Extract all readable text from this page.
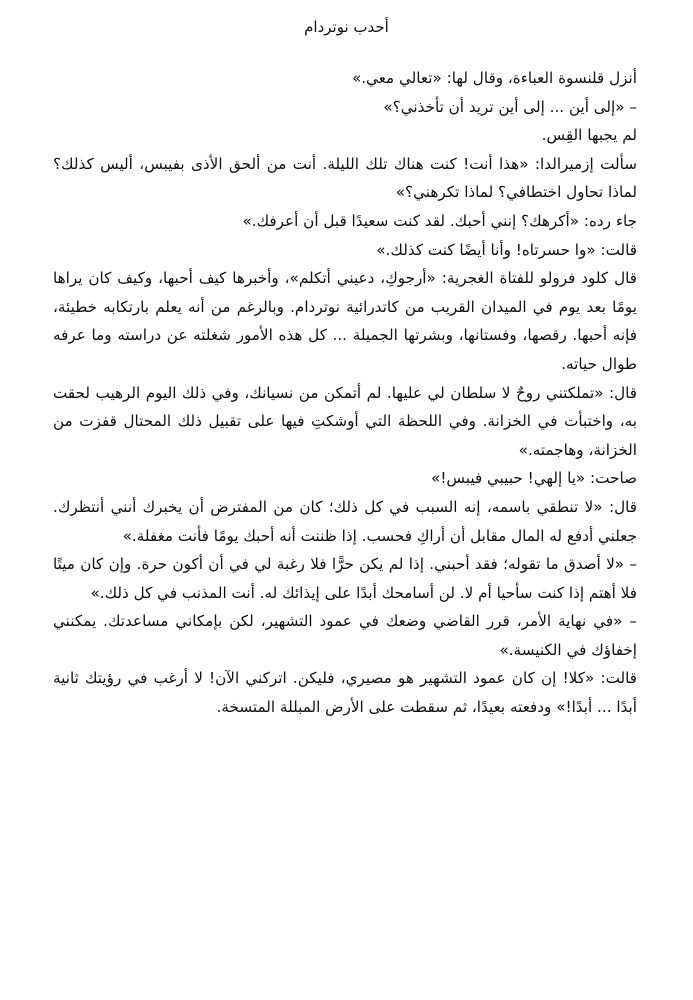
أحدب نوتردام

أنزل قلنسوة العباءة، وقال لها: «تعالي معي.»

– «إلى أين ... إلى أين تريد أن تأخذني؟»

لم يجبها القِس.

سألت إزميرالدا: «هذا أنت! كنت هناك تلك الليلة. أنت من ألحق الأذى بفيبس، أليس كذلك؟ لماذا تحاول اختطافي؟ لماذا تكرهني؟»

جاء رده: «أكرهك؟ إنني أحبك. لقد كنت سعيدًا قبل أن أعرفك.»

قالت: «وا حسرتاه! وأنا أيضًا كنت كذلك.»

قال كلود فرولو للفتاة الغجرية: «أرجوكِ، دعيني أتكلم»، وأخبرها كيف أحبها، وكيف كان يراها يومًا بعد يوم في الميدان القريب من كاتدرائية نوتردام. وبالرغم من أنه يعلم بارتكابه خطيئة، فإنه أحبها. رقصها، وفستانها، وبشرتها الجميلة ... كل هذه الأمور شغلته عن دراسته وما عرفه طوال حياته.

قال: «تملكتني روحٌ لا سلطان لي عليها. لم أتمكن من نسيانك، وفي ذلك اليوم الرهيب لحقت به، واختبأت في الخزانة. وفي اللحظة التي أوشكتِ فيها على تقبيل ذلك المحتال قفزت من الخزانة، وهاجمته.»

صاحت: «يا إلهي! حبيبي فيبس!»

قال: «لا تنطقي باسمه، إنه السبب في كل ذلك؛ كان من المفترض أن يخبرك أنني أنتظرك. جعلني أدفع له المال مقابل أن أراكِ فحسب. إذا ظننت أنه أحبك يومًا فأنت مغفلة.»

– «لا أصدق ما تقوله؛ فقد أحبني. إذا لم يكن حرًّا فلا رغبة لي في أن أكون حرة. وإن كان ميتًا فلا أهتم إذا كنت سأحيا أم لا. لن أسامحك أبدًا على إيذائك له. أنت المذنب في كل ذلك.»

– «في نهاية الأمر، قرر القاضي وضعك في عمود التشهير، لكن بإمكاني مساعدتك. يمكنني إخفاؤك في الكنيسة.»

قالت: «كلا! إن كان عمود التشهير هو مصيري، فليكن. اتركني الآن! لا أرغب في رؤيتك ثانية أبدًا ... أبدًا!» ودفعته بعيدًا، ثم سقطت على الأرض المبللة المتسخة.
